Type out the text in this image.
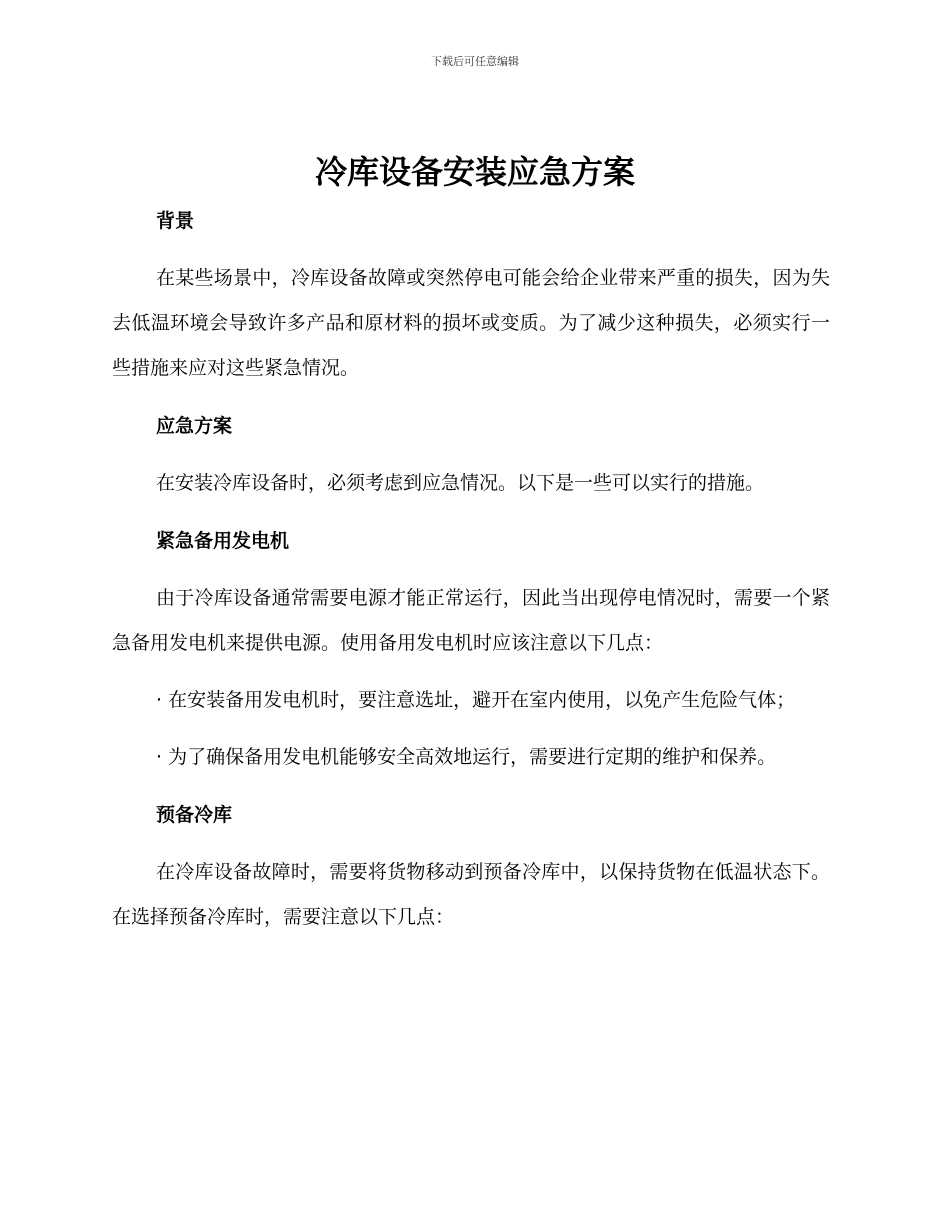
下载后可任意编辑
冷库设备安装应急方案
背景

在某些场景中，冷库设备故障或突然停电可能会给企业带来严重的损失，因为失去低温环境会导致许多产品和原材料的损坏或变质。为了减少这种损失，必须实行一些措施来应对这些紧急情况。

应急方案

在安装冷库设备时，必须考虑到应急情况。以下是一些可以实行的措施。

紧急备用发电机

由于冷库设备通常需要电源才能正常运行，因此当出现停电情况时，需要一个紧急备用发电机来提供电源。使用备用发电机时应该注意以下几点：

· 在安装备用发电机时，要注意选址，避开在室内使用，以免产生危险气体；

· 为了确保备用发电机能够安全高效地运行，需要进行定期的维护和保养。

预备冷库

在冷库设备故障时，需要将货物移动到预备冷库中，以保持货物在低温状态下。在选择预备冷库时，需要注意以下几点：
